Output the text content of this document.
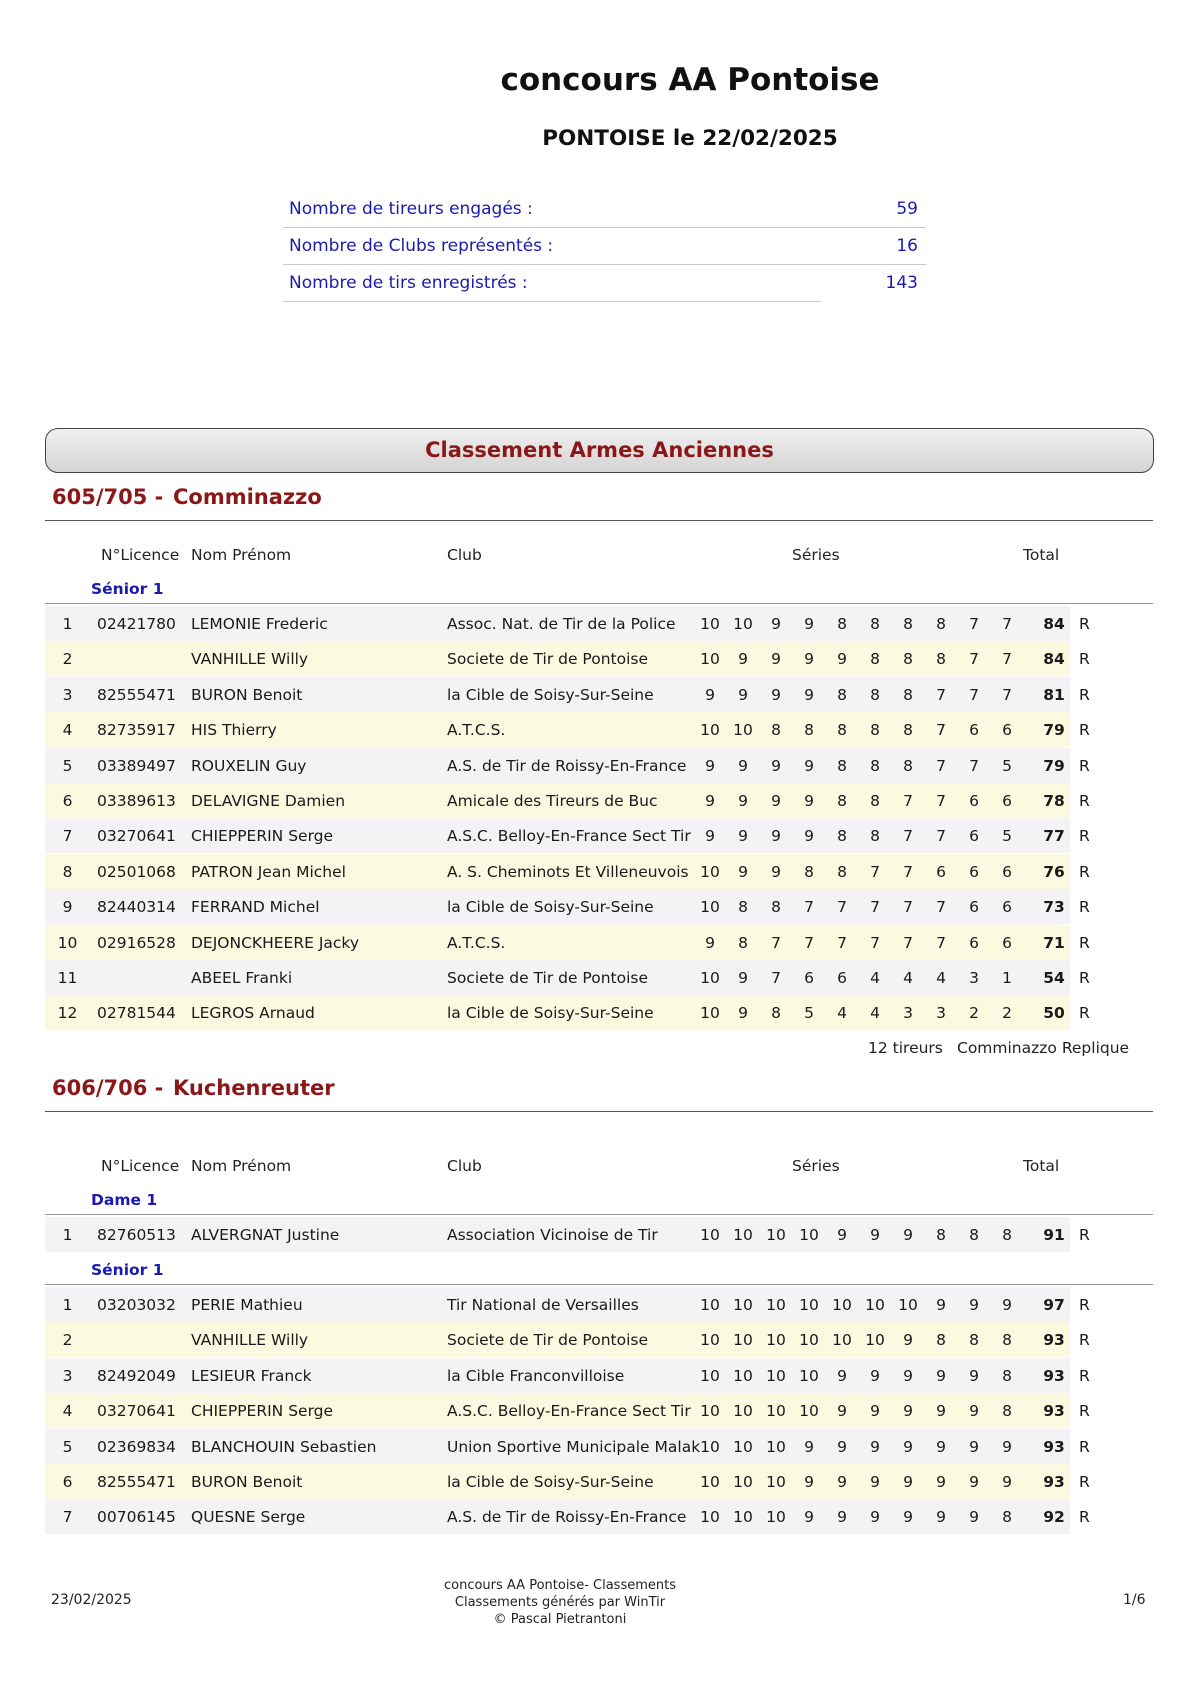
concours AA Pontoise
PONTOISE le 22/02/2025
Nombre de tireurs engagés :	59
Nombre de Clubs représentés :	16
Nombre de tirs enregistrés :	143
Classement Armes Anciennes
605/705 - Comminazzo
N°Licence Nom Prénom	Club	Séries	Total
Sénior 1
1	02421780 LEMONIE Frederic	Assoc. Nat. de Tir de la Police	10 10	9	9	8	8	8	8	7	7	84 R
2	VANHILLE Willy	Societe de Tir de Pontoise	10	9	9	9	9	8	8	8	7	7	84 R
3	82555471 BURON Benoit	la Cible de Soisy-Sur-Seine	9	9	9	9	8	8	8	7	7	7	81 R
4	82735917 HIS Thierry	A.T.C.S.	10 10	8	8	8	8	8	7	6	6	79 R
5	03389497 ROUXELIN Guy	A.S. de Tir de Roissy-En-France	9	9	9	9	8	8	8	7	7	5	79 R
6	03389613 DELAVIGNE Damien	Amicale des Tireurs de Buc	9	9	9	9	8	8	7	7	6	6	78 R
7	03270641 CHIEPPERIN Serge	A.S.C. Belloy-En-France Sect Tir 9	9	9	9	8	8	7	7	6	5	77 R
8	02501068 PATRON Jean Michel	A. S. Cheminots Et Villeneuvois 10	9	9	8	8	7	7	6	6	6	76 R
9	82440314 FERRAND Michel	la Cible de Soisy-Sur-Seine	10	8	8	7	7	7	7	7	6	6	73 R
10	02916528 DEJONCKHEERE Jacky	A.T.C.S.	9	8	7	7	7	7	7	7	6	6	71 R
11	ABEEL Franki	Societe de Tir de Pontoise	10	9	7	6	6	4	4	4	3	1	54 R
12	02781544 LEGROS Arnaud	la Cible de Soisy-Sur-Seine	10	9	8	5	4	4	3	3	2	2	50 R
12 tireurs Comminazzo Replique
606/706 - Kuchenreuter
N°Licence Nom Prénom	Club	Séries	Total
Dame 1
1	82760513 ALVERGNAT Justine	Association Vicinoise de Tir	10 10 10 10	9	9	9	8	8	8	91 R
Sénior 1
1	03203032 PERIE Mathieu	Tir National de Versailles	10 10 10 10 10 10 10	9	9	9	97 R
2	VANHILLE Willy	Societe de Tir de Pontoise	10 10 10 10 10 10	9	8	8	8	93 R
3	82492049 LESIEUR Franck	la Cible Franconvilloise	10 10 10 10	9	9	9	9	9	8	93 R
4	03270641 CHIEPPERIN Serge	A.S.C. Belloy-En-France Sect Tir 10 10 10 10	9	9	9	9	9	8	93 R
5	02369834 BLANCHOUIN Sebastien	Union Sportive Municipale Malak 10 10 10	9	9	9	9	9	9	9	93 R
6	82555471 BURON Benoit	la Cible de Soisy-Sur-Seine	10 10 10	9	9	9	9	9	9	9	93 R
7	00706145 QUESNE Serge	A.S. de Tir de Roissy-En-France 10 10 10	9	9	9	9	9	9	8	92 R
23/02/2025
concours AA Pontoise- Classements
Classements générés par WinTir
© Pascal Pietrantoni
1/6
